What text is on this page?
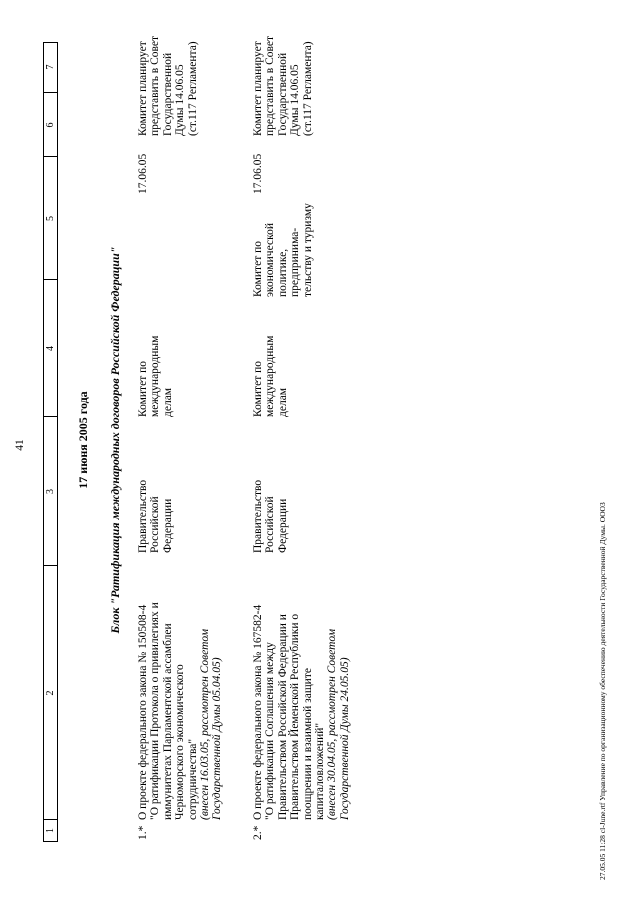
41
1
2
3
4
5
6
7
17 июня 2005 года Блок "Ратификация международных договоров Российской Федерации"
1.*
О проекте федерального закона № 150508-4 "О ратификации Протокола о привилегиях и иммунитетах Парламентской ассамблеи Черноморского экономического сотрудничества" (внесен 16.03.05, рассмотрен Советом Государственной Думы 05.04.05)
Правительство Российской Федерации
Комитет по международным делам
17.06.05
Комитет планирует представить в Совет Государственной Думы 14.06.05 (ст.117 Регламента)
2.*
О проекте федерального закона № 167582-4 "О ратификации Соглашения между Правительством Российской Федерации и Правительством Йеменской Республики о поощрении и взаимной защите капиталовложений" (внесен 30.04.05, рассмотрен Советом Государственной Думы 24.05.05)
Правительство Российской Федерации
Комитет по международным делам
Комитет по экономической политике, предпринима- тельству и туризму
17.06.05
Комитет планирует представить в Совет Государственной Думы 14.06.05 (ст.117 Регламента)
27.05.05 11:28 cl-June.rtf Управление по организационному обеспечению деятельности Государственной Думы. ООО3
